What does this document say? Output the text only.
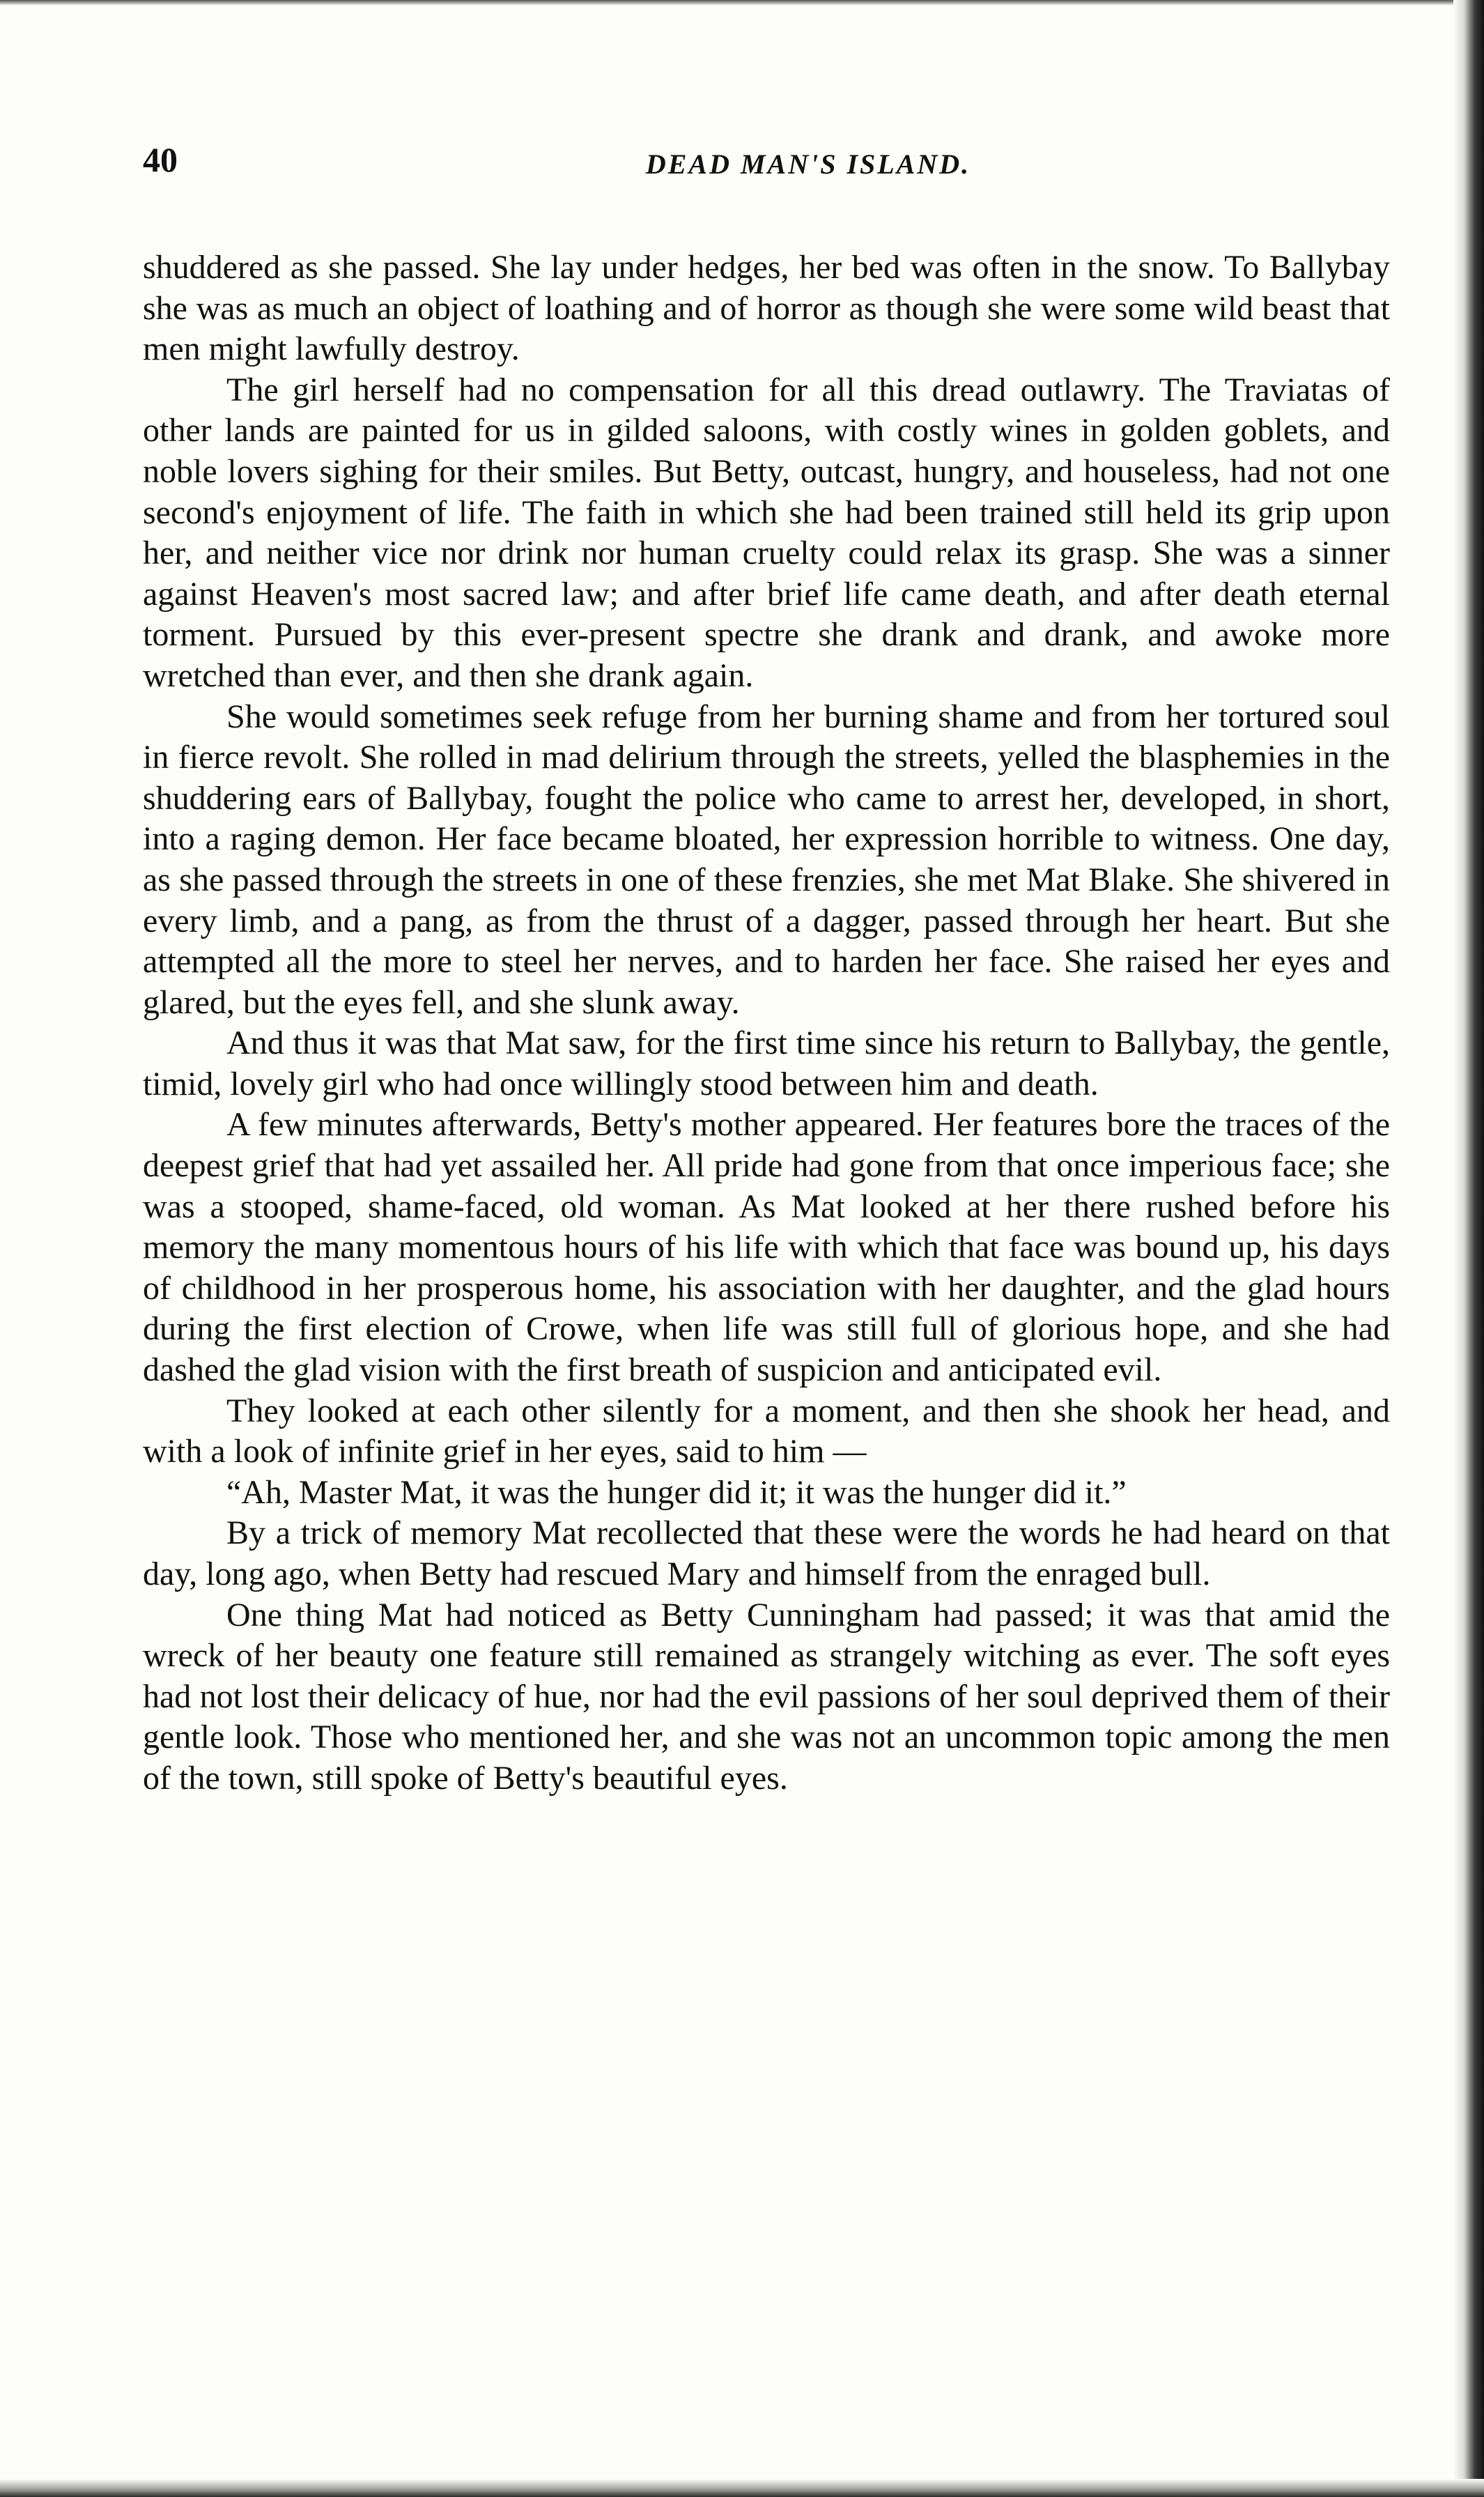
40	DEAD MAN'S ISLAND.

shuddered as she passed. She lay under hedges, her bed was often in the snow. To Ballybay she was as much an object of loathing and of horror as though she were some wild beast that men might lawfully destroy.

The girl herself had no compensation for all this dread outlawry. The Traviatas of other lands are painted for us in gilded saloons, with costly wines in golden goblets, and noble lovers sighing for their smiles. But Betty, outcast, hungry, and houseless, had not one second's enjoyment of life. The faith in which she had been trained still held its grip upon her, and neither vice nor drink nor human cruelty could relax its grasp. She was a sinner against Heaven's most sacred law; and after brief life came death, and after death eternal torment. Pursued by this ever-present spectre she drank and drank, and awoke more wretched than ever, and then she drank again.

She would sometimes seek refuge from her burning shame and from her tortured soul in fierce revolt. She rolled in mad delirium through the streets, yelled the blasphemies in the shuddering ears of Ballybay, fought the police who came to arrest her, developed, in short, into a raging demon. Her face became bloated, her expression horrible to witness. One day, as she passed through the streets in one of these frenzies, she met Mat Blake. She shivered in every limb, and a pang, as from the thrust of a dagger, passed through her heart. But she attempted all the more to steel her nerves, and to harden her face. She raised her eyes and glared, but the eyes fell, and she slunk away.

And thus it was that Mat saw, for the first time since his return to Ballybay, the gentle, timid, lovely girl who had once willingly stood between him and death.

A few minutes afterwards, Betty's mother appeared. Her features bore the traces of the deepest grief that had yet assailed her. All pride had gone from that once imperious face; she was a stooped, shame-faced, old woman. As Mat looked at her there rushed before his memory the many momentous hours of his life with which that face was bound up, his days of childhood in her prosperous home, his association with her daughter, and the glad hours during the first election of Crowe, when life was still full of glorious hope, and she had dashed the glad vision with the first breath of suspicion and anticipated evil.

They looked at each other silently for a moment, and then she shook her head, and with a look of infinite grief in her eyes, said to him —

“Ah, Master Mat, it was the hunger did it; it was the hunger did it.”

By a trick of memory Mat recollected that these were the words he had heard on that day, long ago, when Betty had rescued Mary and himself from the enraged bull.

One thing Mat had noticed as Betty Cunningham had passed; it was that amid the wreck of her beauty one feature still remained as strangely witching as ever. The soft eyes had not lost their delicacy of hue, nor had the evil passions of her soul deprived them of their gentle look. Those who mentioned her, and she was not an uncommon topic among the men of the town, still spoke of Betty's beautiful eyes.
